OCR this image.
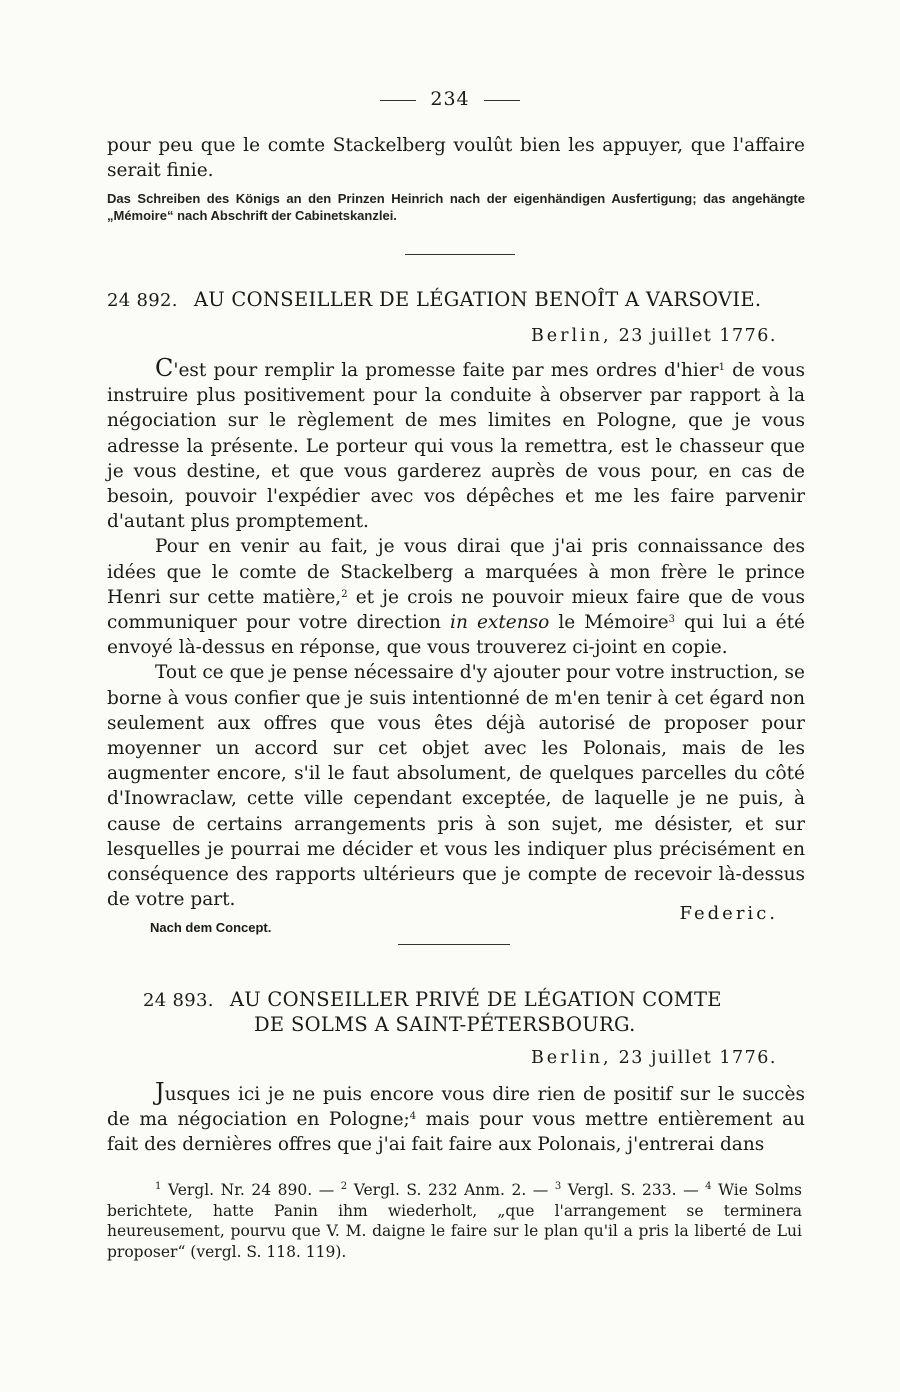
234

pour peu que le comte Stackelberg voulût bien les appuyer, que l'affaire serait finie.

Das Schreiben des Königs an den Prinzen Heinrich nach der eigenhändigen Ausfertigung; das angehängte „Mémoire“ nach Abschrift der Cabinetskanzlei.
24 892. AU CONSEILLER DE LÉGATION BENOÎT A VARSOVIE.
Berlin, 23 juillet 1776.

C'est pour remplir la promesse faite par mes ordres d'hier$^1$ de vous instruire plus positivement pour la conduite à observer par rapport à la négociation sur le règlement de mes limites en Pologne, que je vous adresse la présente. Le porteur qui vous la remettra, est le chasseur que je vous destine, et que vous garderez auprès de vous pour, en cas de besoin, pouvoir l'expédier avec vos dépêches et me les faire parvenir d'autant plus promptement.

Pour en venir au fait, je vous dirai que j'ai pris connaissance des idées que le comte de Stackelberg a marquées à mon frère le prince Henri sur cette matière,$^2$ et je crois ne pouvoir mieux faire que de vous communiquer pour votre direction in extenso le Mémoire$^3$ qui lui a été envoyé là-dessus en réponse, que vous trouverez ci-joint en copie.

Tout ce que je pense nécessaire d'y ajouter pour votre instruction, se borne à vous confier que je suis intentionné de m'en tenir à cet égard non seulement aux offres que vous êtes déjà autorisé de proposer pour moyenner un accord sur cet objet avec les Polonais, mais de les augmenter encore, s'il le faut absolument, de quelques parcelles du côté d'Inowraclaw, cette ville cependant exceptée, de laquelle je ne puis, à cause de certains arrangements pris à son sujet, me désister, et sur lesquelles je pourrai me décider et vous les indiquer plus précisément en conséquence des rapports ultérieurs que je compte de recevoir là-dessus de votre part.

Federic.
Nach dem Concept.
24 893. AU CONSEILLER PRIVÉ DE LÉGATION COMTE
DE SOLMS A SAINT-PÉTERSBOURG.
Berlin, 23 juillet 1776.

Jusques ici je ne puis encore vous dire rien de positif sur le succès de ma négociation en Pologne;$^4$ mais pour vous mettre entièrement au fait des dernières offres que j'ai fait faire aux Polonais, j'entrerai dans

$^1$ Vergl. Nr. 24 890. — $^2$ Vergl. S. 232 Anm. 2. — $^3$ Vergl. S. 233. — $^4$ Wie Solms berichtete, hatte Panin ihm wiederholt, „que l'arrangement se terminera heureusement, pourvu que V. M. daigne le faire sur le plan qu'il a pris la liberté de Lui proposer“ (vergl. S. 118. 119).
